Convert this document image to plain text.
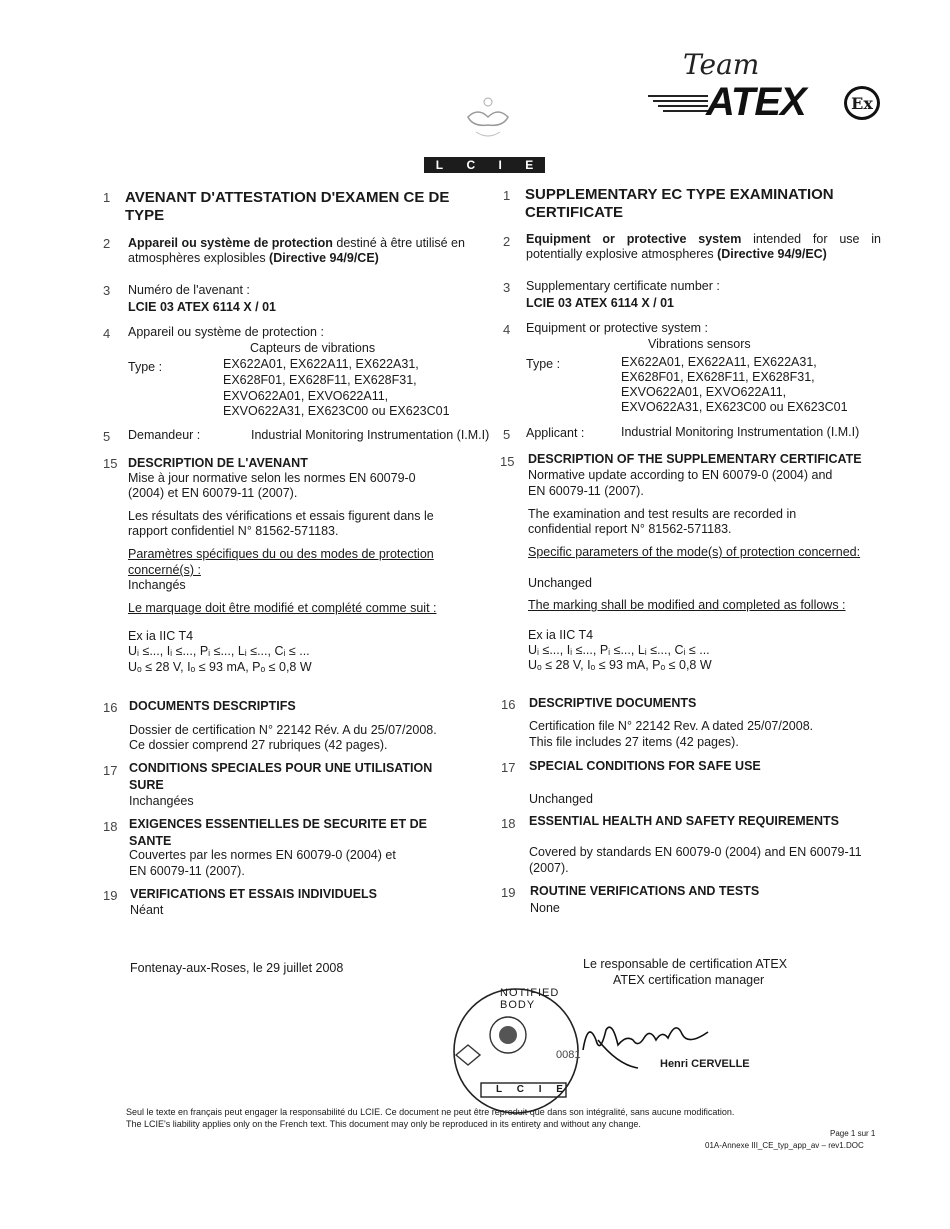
Team
ATEX	Ex
L C I E
1 AVENANT D'ATTESTATION D'EXAMEN CE DE TYPE
2 Appareil ou système de protection destiné à être utilisé en atmosphères explosibles (Directive 94/9/CE)
3 Numéro de l'avenant :
LCIE 03 ATEX 6114 X / 01
4 Appareil ou système de protection :
Capteurs de vibrations
Type :	EX622A01, EX622A11, EX622A31,
EX628F01, EX628F11, EX628F31,
EXVO622A01, EXVO622A11,
EXVO622A31, EX623C00 ou EX623C01
5 Demandeur :	Industrial Monitoring Instrumentation (I.M.I)
15 DESCRIPTION DE L'AVENANT
Mise à jour normative selon les normes EN 60079-0
(2004) et EN 60079-11 (2007).
Les résultats des vérifications et essais figurent dans le
rapport confidentiel N° 81562-571183.
Paramètres spécifiques du ou des modes de protection
concerné(s) :
Inchangés
Le marquage doit être modifié et complété comme suit :
Ex ia IIC T4
Uᵢ ≤..., Iᵢ ≤..., Pᵢ ≤..., Lᵢ ≤..., Cᵢ ≤ ...
Uₒ ≤ 28 V, Iₒ ≤ 93 mA, Pₒ ≤ 0,8 W
16 DOCUMENTS DESCRIPTIFS
Dossier de certification N° 22142 Rév. A du 25/07/2008.
Ce dossier comprend 27 rubriques (42 pages).
17 CONDITIONS SPECIALES POUR UNE UTILISATION
SURE
Inchangées
18 EXIGENCES ESSENTIELLES DE SECURITE ET DE
SANTE
Couvertes par les normes EN 60079-0 (2004) et
EN 60079-11 (2007).
19 VERIFICATIONS ET ESSAIS INDIVIDUELS
Néant
1 SUPPLEMENTARY EC TYPE EXAMINATION CERTIFICATE
2 Equipment or protective system intended for use in potentially explosive atmospheres (Directive 94/9/EC)
3 Supplementary certificate number :
LCIE 03 ATEX 6114 X / 01
4 Equipment or protective system :
Vibrations sensors
Type :	EX622A01, EX622A11, EX622A31,
EX628F01, EX628F11, EX628F31,
EXVO622A01, EXVO622A11,
EXVO622A31, EX623C00 ou EX623C01
5 Applicant :	Industrial Monitoring Instrumentation (I.M.I)
15 DESCRIPTION OF THE SUPPLEMENTARY CERTIFICATE
Normative update according to EN 60079-0 (2004) and
EN 60079-11 (2007).
The examination and test results are recorded in
confidential report N° 81562-571183.
Specific parameters of the mode(s) of protection concerned:
Unchanged
The marking shall be modified and completed as follows :
Ex ia IIC T4
Uᵢ ≤..., Iᵢ ≤..., Pᵢ ≤..., Lᵢ ≤..., Cᵢ ≤ ...
Uₒ ≤ 28 V, Iₒ ≤ 93 mA, Pₒ ≤ 0,8 W
16 DESCRIPTIVE DOCUMENTS
Certification file N° 22142 Rev. A dated 25/07/2008.
This file includes 27 items (42 pages).
17 SPECIAL CONDITIONS FOR SAFE USE
Unchanged
18 ESSENTIAL HEALTH AND SAFETY REQUIREMENTS
Covered by standards EN 60079-0 (2004) and EN 60079-11
(2007).
19 ROUTINE VERIFICATIONS AND TESTS
None
Fontenay-aux-Roses, le 29 juillet 2008	Le responsable de certification ATEX
ATEX certification manager
NOTIFIED BODY
0081
L C I E
Henri CERVELLE
Seul le texte en français peut engager la responsabilité du LCIE. Ce document ne peut être reproduit que dans son intégralité, sans aucune modification.
The LCIE's liability applies only on the French text. This document may only be reproduced in its entirety and without any change.
Page 1 sur 1
01A-Annexe III_CE_typ_app_av – rev1.DOC
